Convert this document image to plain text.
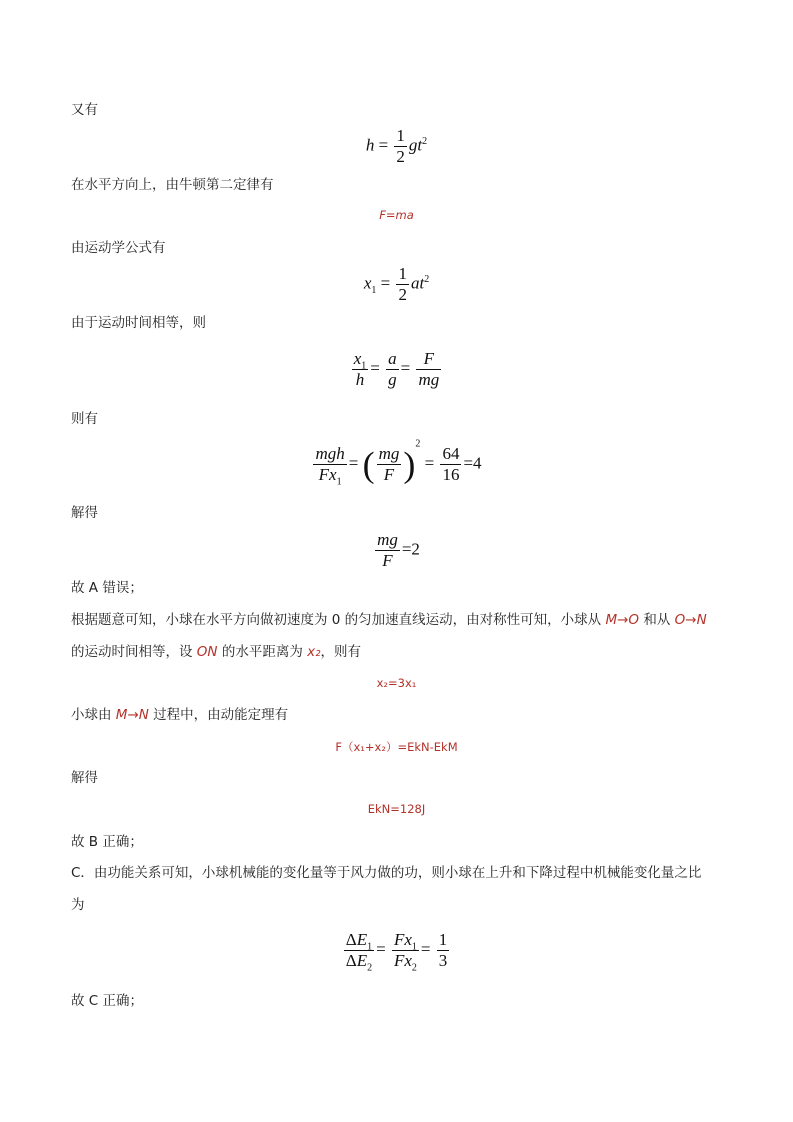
又有
$h = \frac{1}{2} gt^2$
在水平方向上，由牛顿第二定律有
F=ma
由运动学公式有
$x_1 = \frac{1}{2} at^2$
由于运动时间相等，则
$\frac{x_1}{h} = \frac{a}{g} = \frac{F}{mg}$
则有
$\frac{\text{mgh}}{Fx_1}$ = ( $\frac{mg}{F} )^2 = \frac{64}{16} =4$
解得
$\frac{mg}{F} =2$
故 A 错误；
根据题意可知，小球在水平方向做初速度为 0 的匀加速直线运动，由对称性可知，小球从 M→O 和从 O→N
的运动时间相等，设 ON 的水平距离为 x₂，则有
x₂=3x₁
小球由 M→N 过程中，由动能定理有
F（x₁+x₂）=EkN-EkM
解得
EkN=128J
故 B 正确；
C．由功能关系可知，小球机械能的变化量等于风力做的功，则小球在上升和下降过程中机械能变化量之比
为
$\frac{\Delta E_1}{\Delta E_2} = \frac{Fx_1}{Fx_2} = \frac{1}{3}$
故 C 正确；
